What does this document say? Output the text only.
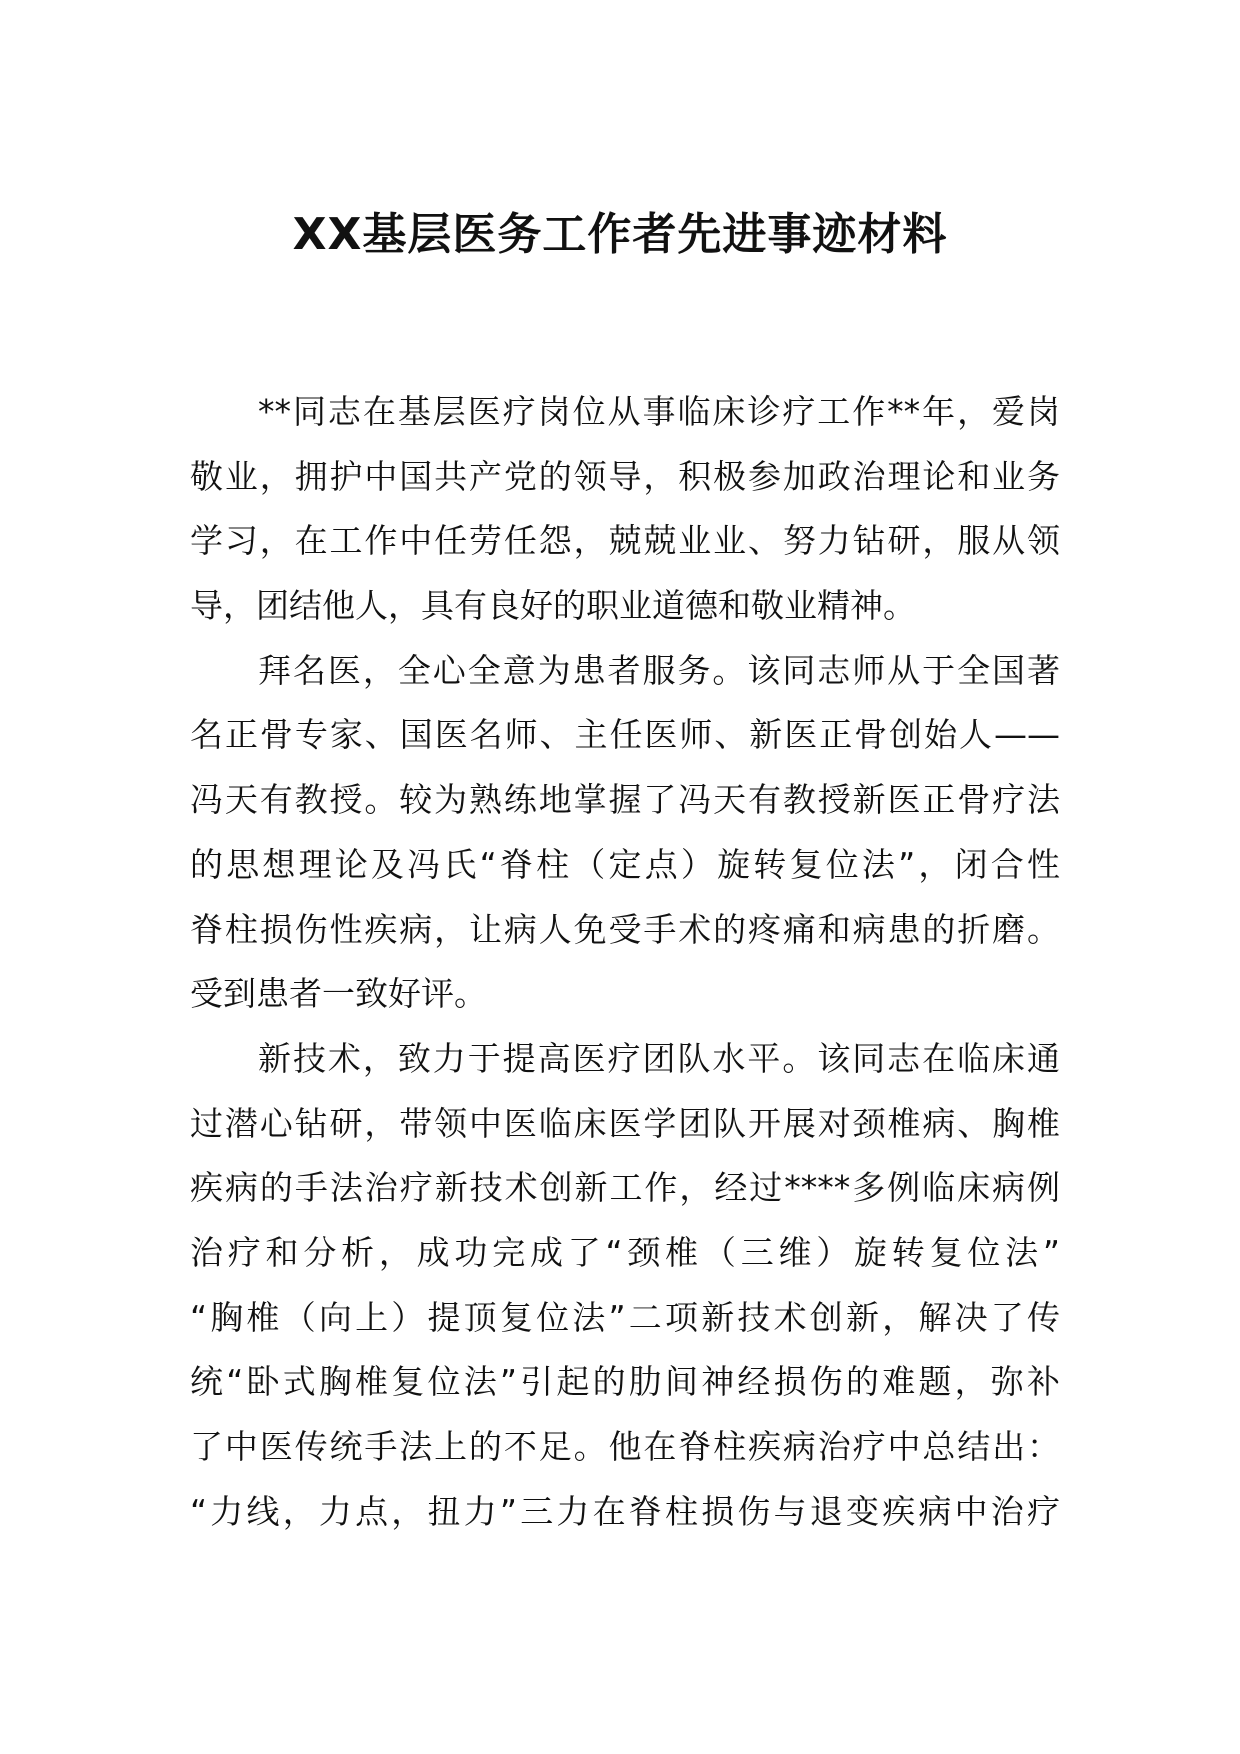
XX基层医务工作者先进事迹材料
**同志在基层医疗岗位从事临床诊疗工作**年，爱岗
敬业，拥护中国共产党的领导，积极参加政治理论和业务
学习，在工作中任劳任怨，兢兢业业、努力钻研，服从领
导，团结他人，具有良好的职业道德和敬业精神。
拜名医，全心全意为患者服务。该同志师从于全国著
名正骨专家、国医名师、主任医师、新医正骨创始人——
冯天有教授。较为熟练地掌握了冯天有教授新医正骨疗法
的思想理论及冯氏“脊柱（定点）旋转复位法”，闭合性
脊柱损伤性疾病，让病人免受手术的疼痛和病患的折磨。
受到患者一致好评。
新技术，致力于提高医疗团队水平。该同志在临床通
过潜心钻研，带领中医临床医学团队开展对颈椎病、胸椎
疾病的手法治疗新技术创新工作，经过****多例临床病例
治疗和分析，成功完成了“颈椎（三维）旋转复位法”
“胸椎（向上）提顶复位法”二项新技术创新，解决了传
统“卧式胸椎复位法”引起的肋间神经损伤的难题，弥补
了中医传统手法上的不足。他在脊柱疾病治疗中总结出：
“力线，力点，扭力”三力在脊柱损伤与退变疾病中治疗
